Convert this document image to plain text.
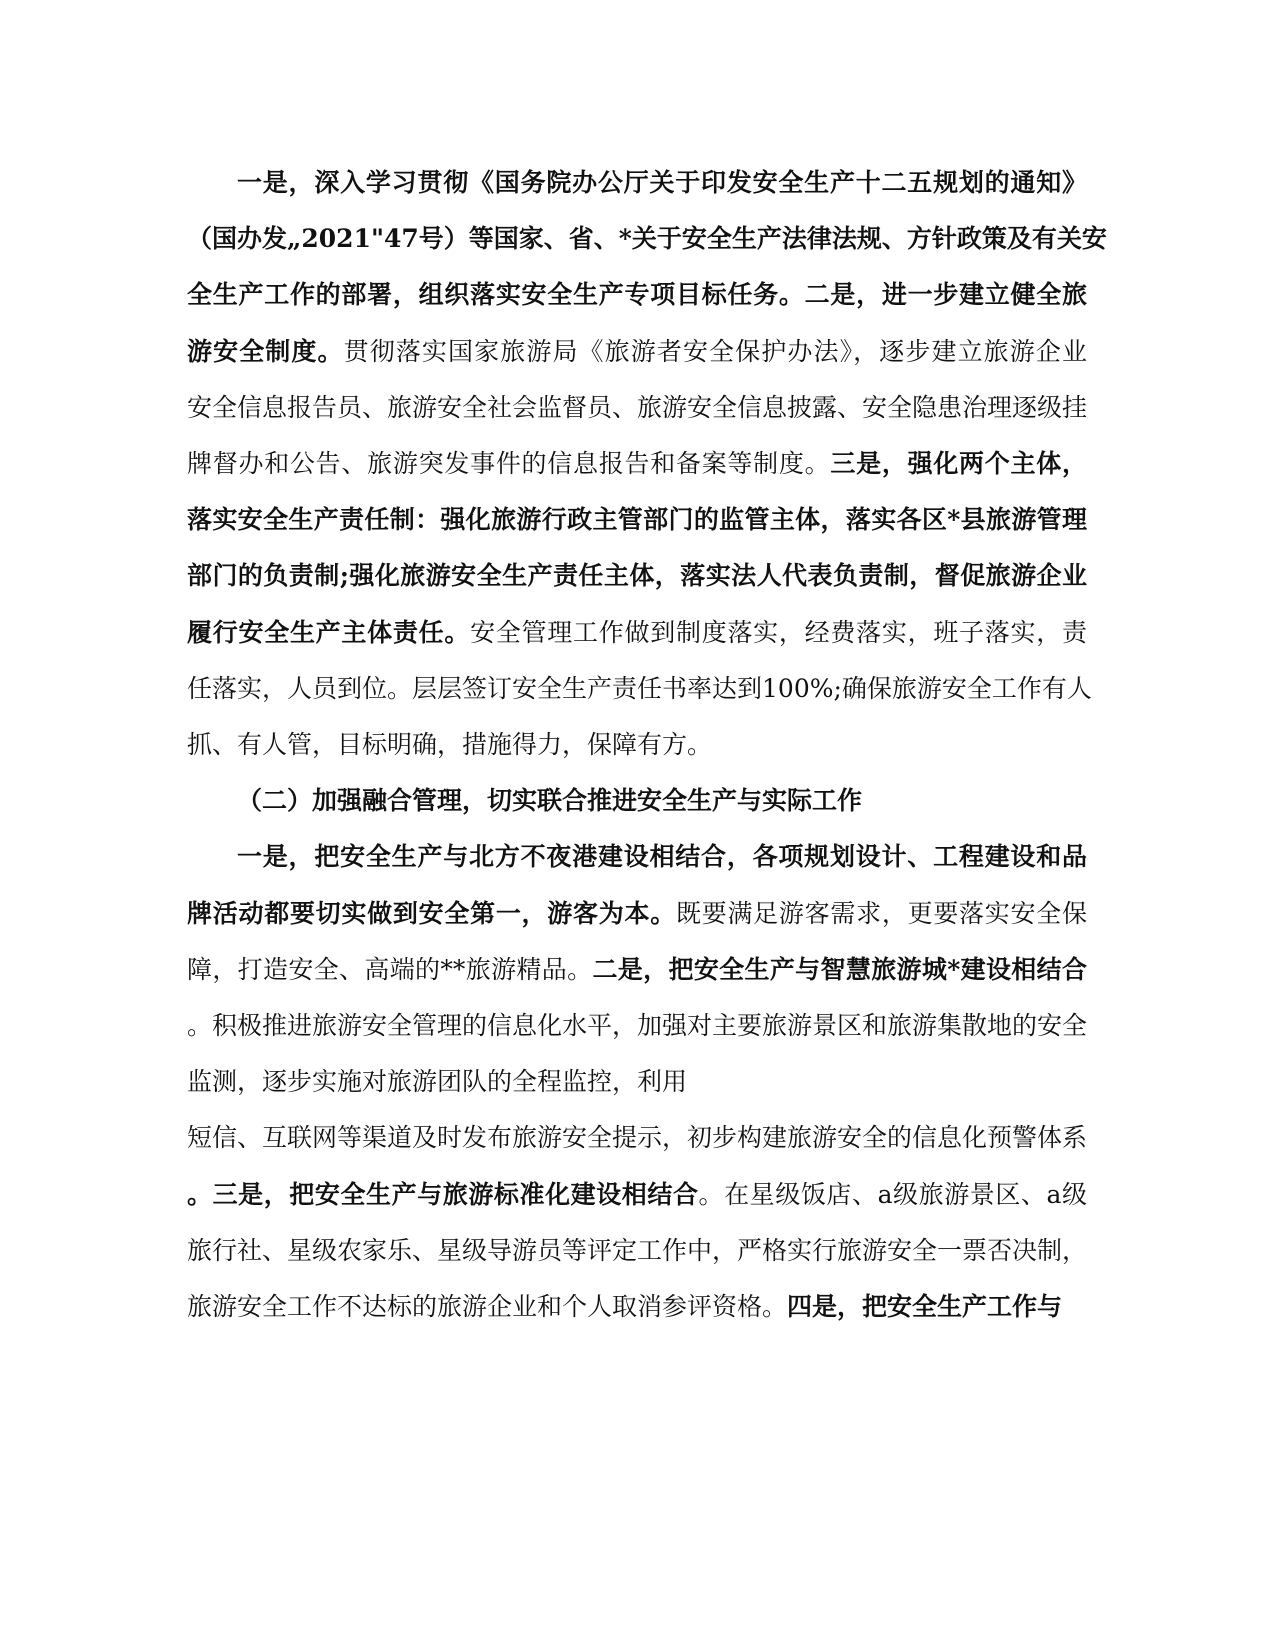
一是，深入学习贯彻《国务院办公厅关于印发安全生产十二五规划的通知》
（国办发„2021"47号）等国家、省、*关于安全生产法律法规、方针政策及有关安
全生产工作的部署，组织落实安全生产专项目标任务。二是，进一步建立健全旅
游安全制度。贯彻落实国家旅游局《旅游者安全保护办法》，逐步建立旅游企业
安全信息报告员、旅游安全社会监督员、旅游安全信息披露、安全隐患治理逐级挂
牌督办和公告、旅游突发事件的信息报告和备案等制度。三是，强化两个主体，
落实安全生产责任制：强化旅游行政主管部门的监管主体，落实各区*县旅游管理
部门的负责制;强化旅游安全生产责任主体，落实法人代表负责制，督促旅游企业
履行安全生产主体责任。安全管理工作做到制度落实，经费落实，班子落实，责
任落实，人员到位。层层签订安全生产责任书率达到100%;确保旅游安全工作有人
抓、有人管，目标明确，措施得力，保障有方。
（二）加强融合管理，切实联合推进安全生产与实际工作
一是，把安全生产与北方不夜港建设相结合，各项规划设计、工程建设和品
牌活动都要切实做到安全第一，游客为本。既要满足游客需求，更要落实安全保
障，打造安全、高端的**旅游精品。二是，把安全生产与智慧旅游城*建设相结合
。积极推进旅游安全管理的信息化水平，加强对主要旅游景区和旅游集散地的安全
监测，逐步实施对旅游团队的全程监控，利用
短信、互联网等渠道及时发布旅游安全提示，初步构建旅游安全的信息化预警体系
。三是，把安全生产与旅游标准化建设相结合。在星级饭店、a级旅游景区、a级
旅行社、星级农家乐、星级导游员等评定工作中，严格实行旅游安全一票否决制，
旅游安全工作不达标的旅游企业和个人取消参评资格。四是，把安全生产工作与
